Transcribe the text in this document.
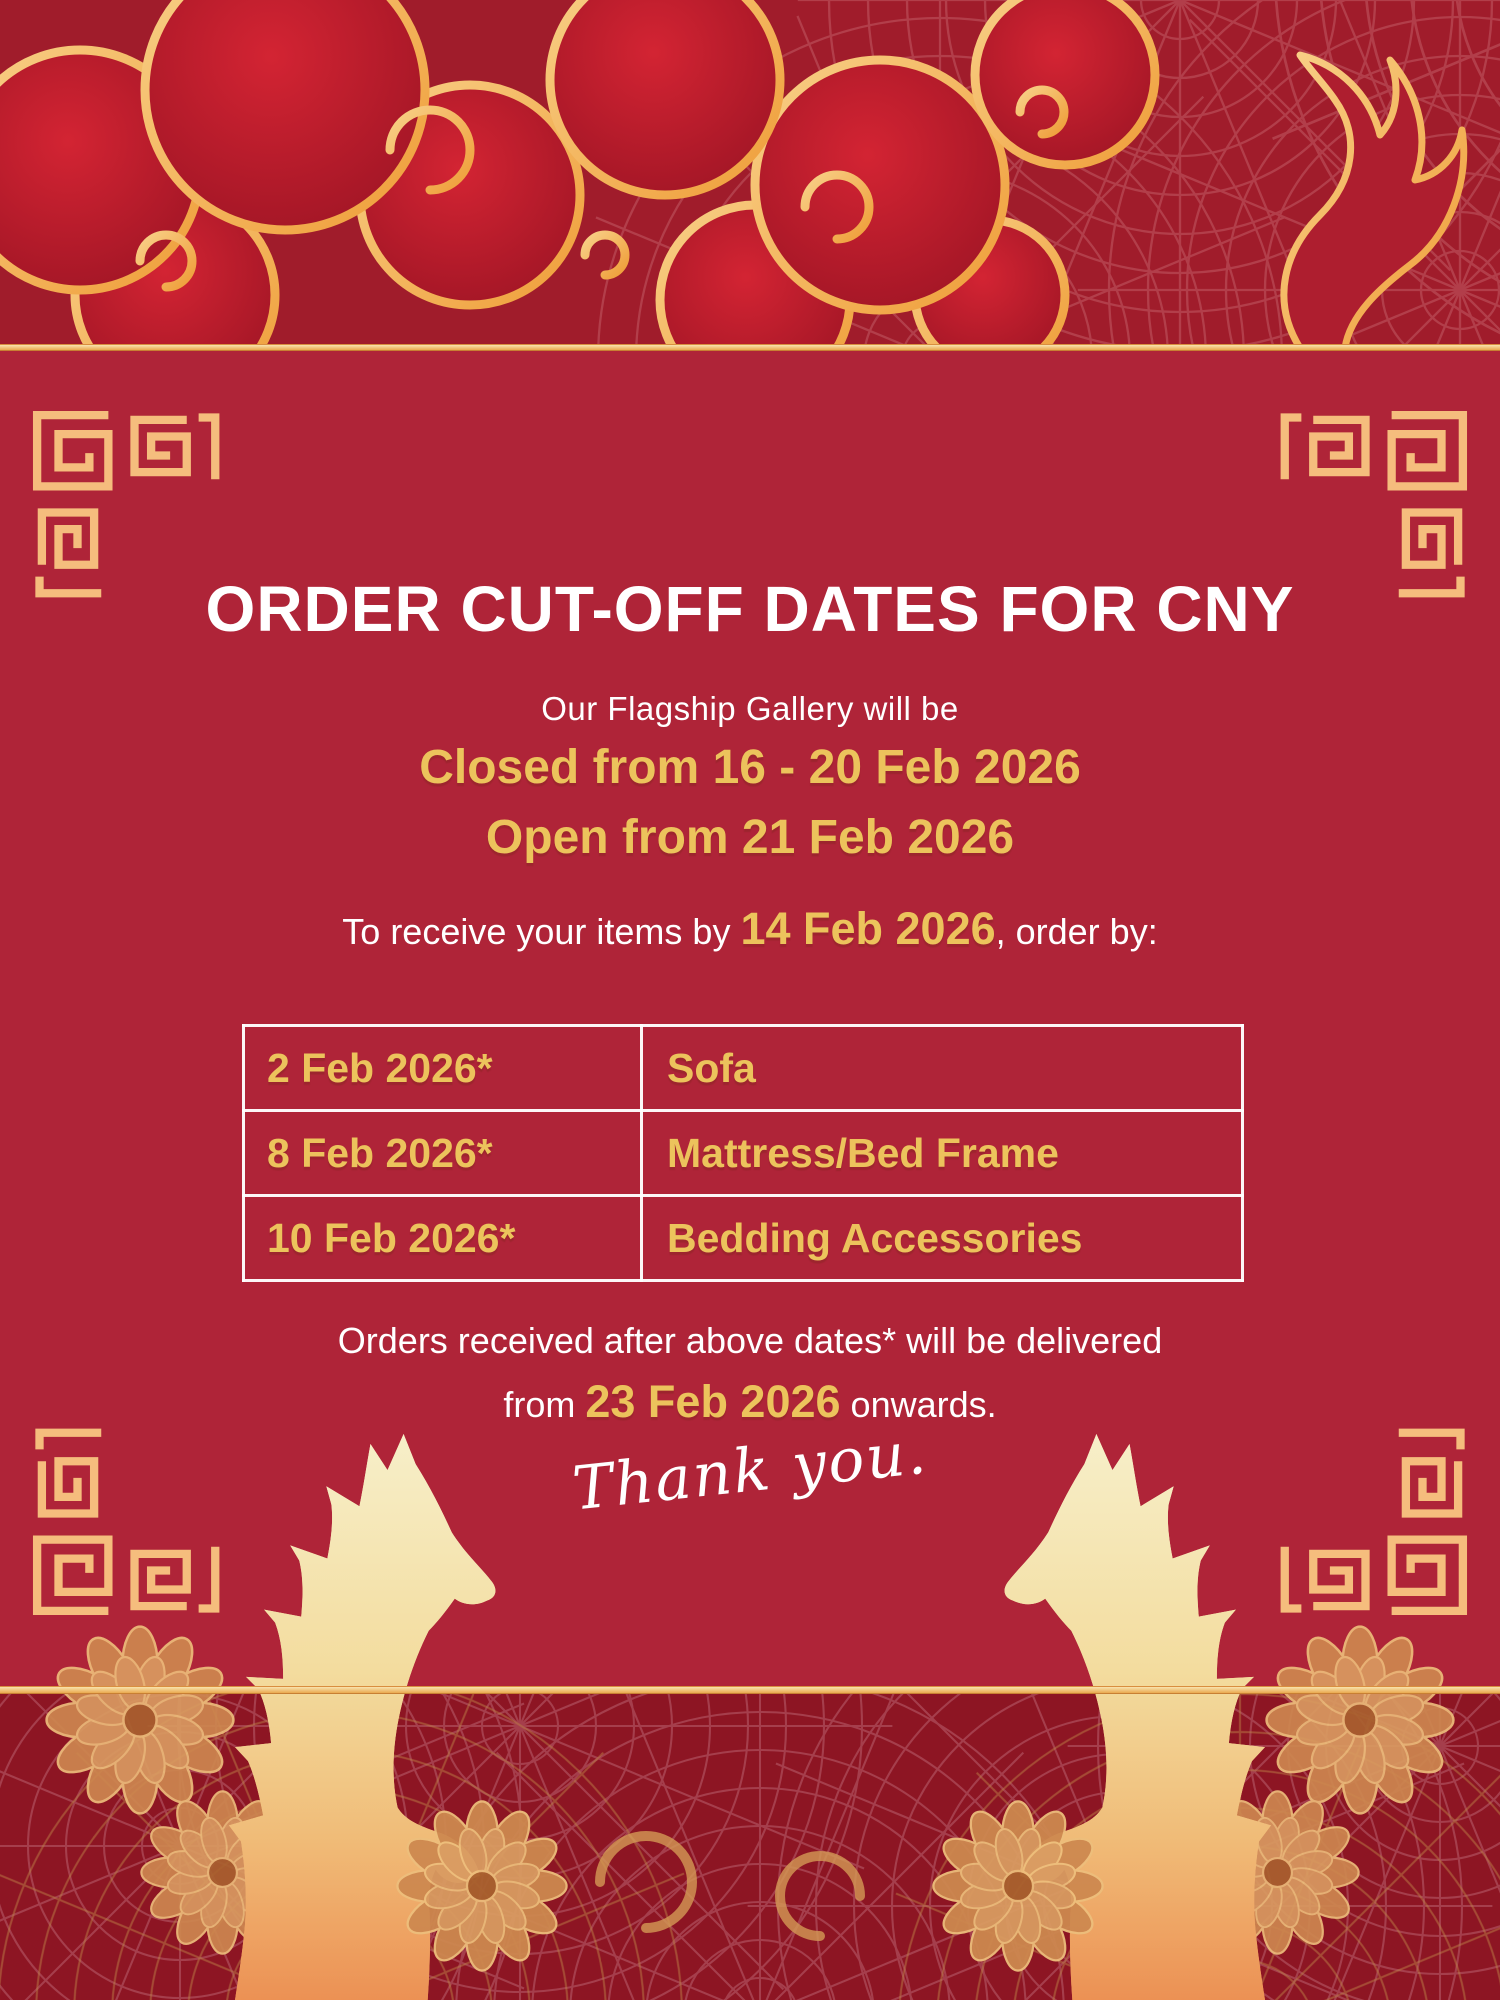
ORDER CUT-OFF DATES FOR CNY
Our Flagship Gallery will be
Closed from 16 - 20 Feb 2026
Open from 21 Feb 2026
To receive your items by 14 Feb 2026, order by:
2 Feb 2026*	Sofa
8 Feb 2026*	Mattress/Bed Frame
10 Feb 2026*	Bedding Accessories
Orders received after above dates* will be delivered
from 23 Feb 2026 onwards.
Thank you.
